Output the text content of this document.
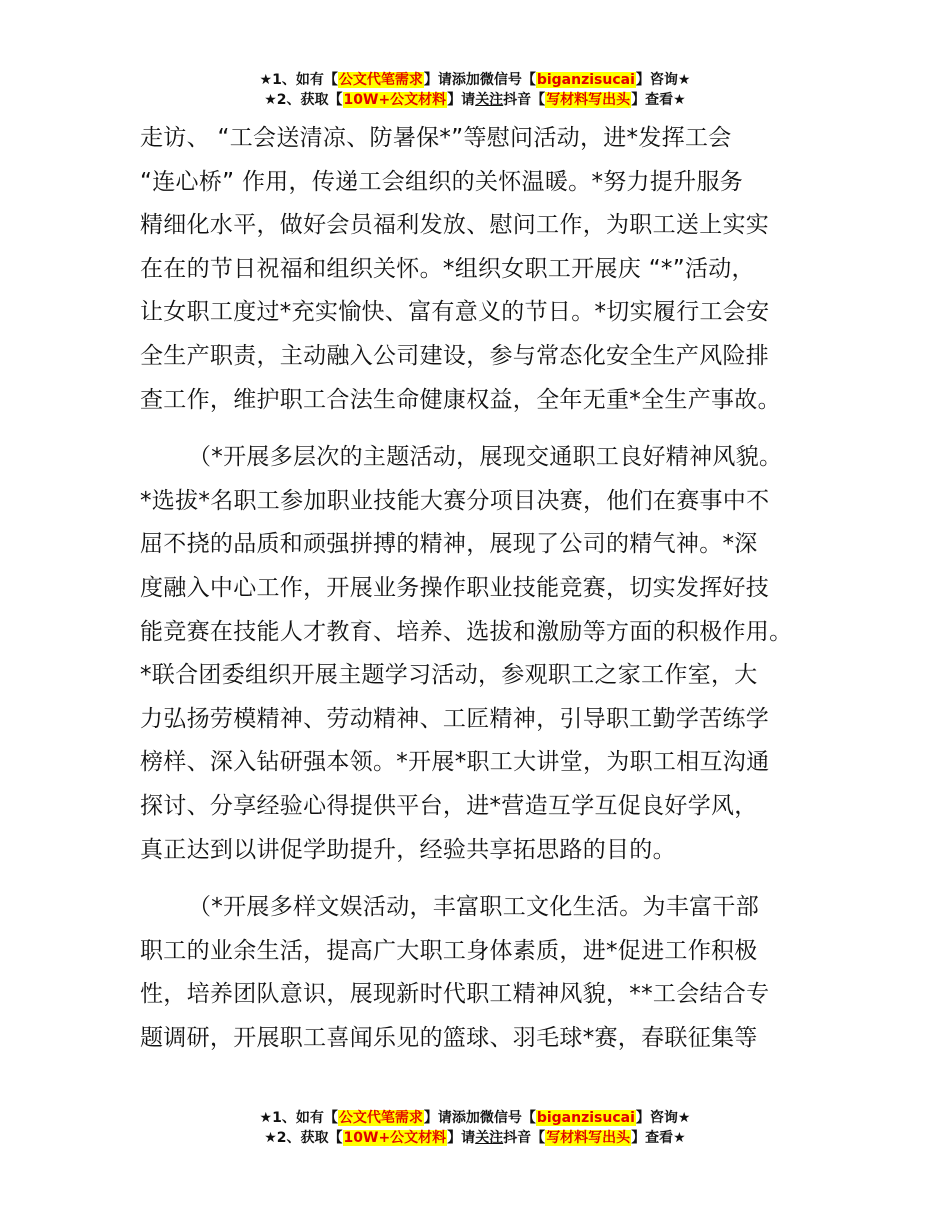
★1、如有【公文代笔需求】请添加微信号【biganzisucai】咨询★
★2、获取【10W+公文材料】请关注抖音【写材料写出头】查看★
走访、 “工会送清凉、防暑保*”等慰问活动，进*发挥工会
“连心桥” 作用，传递工会组织的关怀温暖。*努力提升服务
精细化水平，做好会员福利发放、慰问工作，为职工送上实实
在在的节日祝福和组织关怀。*组织女职工开展庆 “*”活动，
让女职工度过*充实愉快、富有意义的节日。*切实履行工会安
全生产职责，主动融入公司建设，参与常态化安全生产风险排
查工作，维护职工合法生命健康权益，全年无重*全生产事故。
（*开展多层次的主题活动，展现交通职工良好精神风貌。
*选拔*名职工参加职业技能大赛分项目决赛，他们在赛事中不
屈不挠的品质和顽强拼搏的精神，展现了公司的精气神。*深
度融入中心工作，开展业务操作职业技能竞赛，切实发挥好技
能竞赛在技能人才教育、培养、选拔和激励等方面的积极作用。
*联合团委组织开展主题学习活动，参观职工之家工作室，大
力弘扬劳模精神、劳动精神、工匠精神，引导职工勤学苦练学
榜样、深入钻研强本领。*开展*职工大讲堂，为职工相互沟通
探讨、分享经验心得提供平台，进*营造互学互促良好学风，
真正达到以讲促学助提升，经验共享拓思路的目的。
（*开展多样文娱活动，丰富职工文化生活。为丰富干部
职工的业余生活，提高广大职工身体素质，进*促进工作积极
性，培养团队意识，展现新时代职工精神风貌，**工会结合专
题调研，开展职工喜闻乐见的篮球、羽毛球*赛，春联征集等
★1、如有【公文代笔需求】请添加微信号【biganzisucai】咨询★
★2、获取【10W+公文材料】请关注抖音【写材料写出头】查看★
